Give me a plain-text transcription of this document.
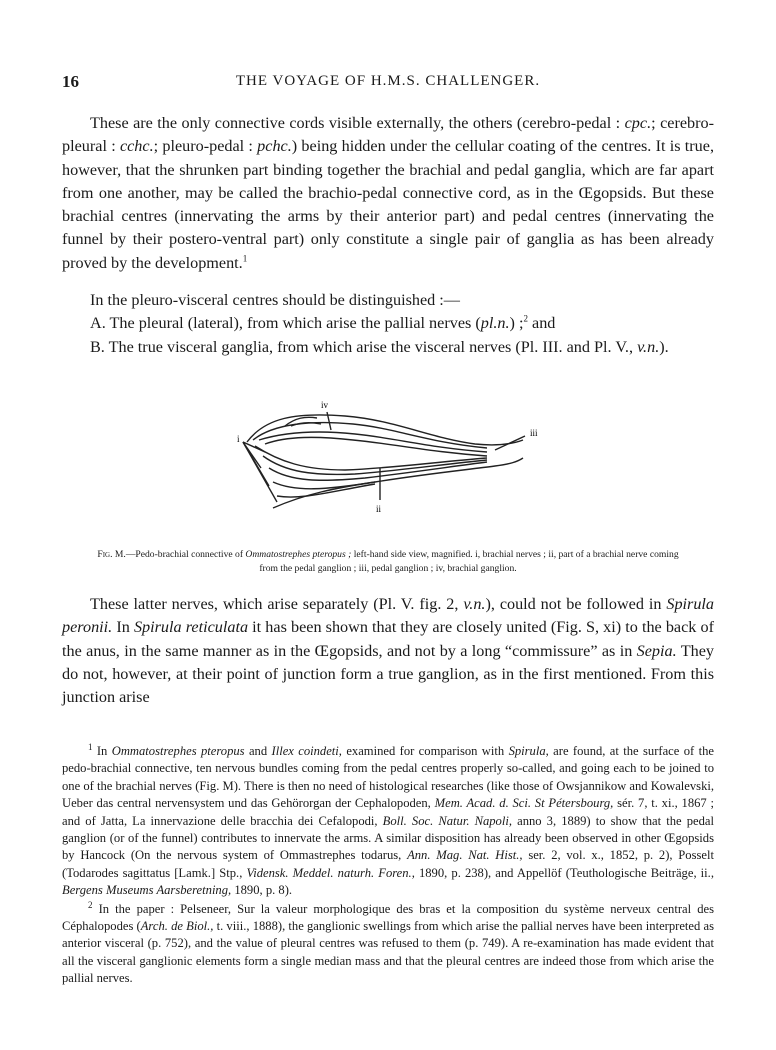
16	THE VOYAGE OF H.M.S. CHALLENGER.

These are the only connective cords visible externally, the others (cerebro-pedal : cpc.; cerebro-pleural : cchc.; pleuro-pedal : pchc.) being hidden under the cellular coating of the centres. It is true, however, that the shrunken part binding together the brachial and pedal ganglia, which are far apart from one another, may be called the brachio-pedal connective cord, as in the Œgopsids. But these brachial centres (innervating the arms by their anterior part) and pedal centres (innervating the funnel by their postero-ventral part) only constitute a single pair of ganglia as has been already proved by the development.$^1$

In the pleuro-visceral centres should be distinguished :—

A. The pleural (lateral), from which arise the pallial nerves (pl.n.) ;$^2$ and

B. The true visceral ganglia, from which arise the visceral nerves (Pl. III. and Pl. V., v.n.).

i
iv
ii
iii
Fig. M.—Pedo-brachial connective of Ommatostrephes pteropus ; left-hand side view, magnified. i, brachial nerves ; ii, part of a brachial nerve coming from the pedal ganglion ; iii, pedal ganglion ; iv, brachial ganglion.

These latter nerves, which arise separately (Pl. V. fig. 2, v.n.), could not be followed in Spirula peronii. In Spirula reticulata it has been shown that they are closely united (Fig. S, xi) to the back of the anus, in the same manner as in the Œgopsids, and not by a long “commissure” as in Sepia. They do not, however, at their point of junction form a true ganglion, as in the first mentioned. From this junction arise

$^1$ In Ommatostrephes pteropus and Illex coindeti, examined for comparison with Spirula, are found, at the surface of the pedo-brachial connective, ten nervous bundles coming from the pedal centres properly so-called, and going each to be joined to one of the brachial nerves (Fig. M). There is then no need of histological researches (like those of Owsjannikow and Kowalevski, Ueber das central nervensystem und das Gehörorgan der Cephalopoden, Mem. Acad. d. Sci. St Pétersbourg, sér. 7, t. xi., 1867 ; and of Jatta, La innervazione delle bracchia dei Cefalopodi, Boll. Soc. Natur. Napoli, anno 3, 1889) to show that the pedal ganglion (or of the funnel) contributes to innervate the arms. A similar disposition has already been observed in other Œgopsids by Hancock (On the nervous system of Ommastrephes todarus, Ann. Mag. Nat. Hist., ser. 2, vol. x., 1852, p. 2), Posselt (Todarodes sagittatus [Lamk.] Stp., Vidensk. Meddel. naturh. Foren., 1890, p. 238), and Appellöf (Teuthologische Beiträge, ii., Bergens Museums Aarsberetning, 1890, p. 8).

$^2$ In the paper : Pelseneer, Sur la valeur morphologique des bras et la composition du système nerveux central des Céphalopodes (Arch. de Biol., t. viii., 1888), the ganglionic swellings from which arise the pallial nerves have been interpreted as anterior visceral (p. 752), and the value of pleural centres was refused to them (p. 749). A re-examination has made evident that all the visceral ganglionic elements form a single median mass and that the pleural centres are indeed those from which arise the pallial nerves.
